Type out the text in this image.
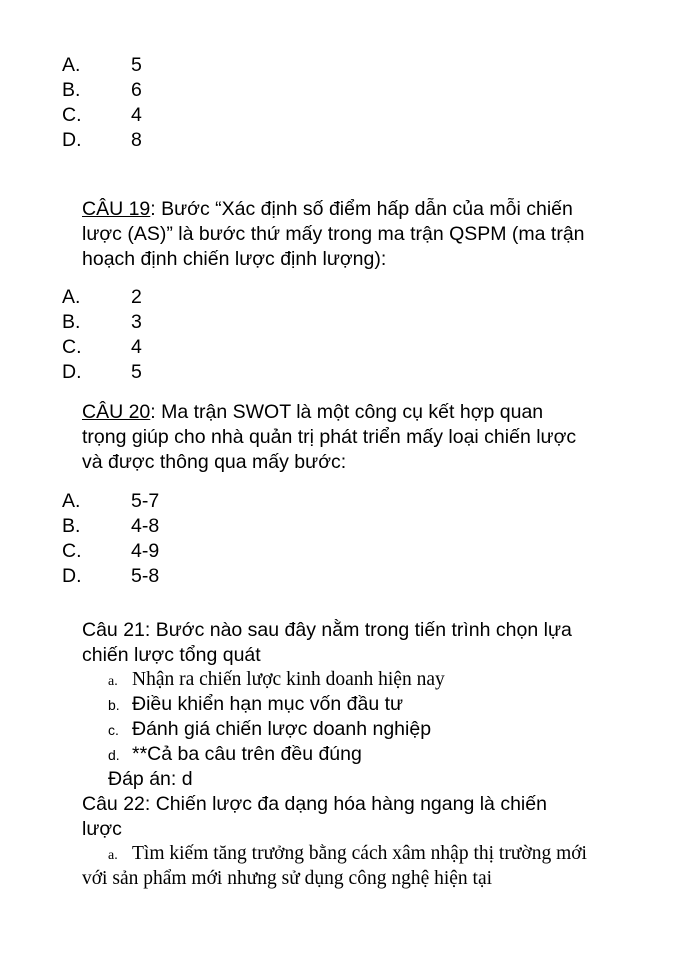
A.	5
B.	6
C.	4
D.	8
CÂU 19: Bước “Xác định số điểm hấp dẫn của mỗi chiến
lược (AS)” là bước thứ mấy trong ma trận QSPM (ma trận
hoạch định chiến lược định lượng):
A.	2
B.	3
C.	4
D.	5
CÂU 20: Ma trận SWOT là một công cụ kết hợp quan
trọng giúp cho nhà quản trị phát triển mấy loại chiến lược
và được thông qua mấy bước:
A.	5-7
B.	4-8
C.	4-9
D.	5-8
Câu 21: Bước nào sau đây nằm trong tiến trình chọn lựa
chiến lược tổng quát
a. Nhận ra chiến lược kinh doanh hiện nay
b. Điều khiển hạn mục vốn đầu tư
c. Đánh giá chiến lược doanh nghiệp
d. **Cả ba câu trên đều đúng
Đáp án: d
Câu 22: Chiến lược đa dạng hóa hàng ngang là chiến
lược
a. Tìm kiếm tăng trưởng bằng cách xâm nhập thị trường mới
với sản phẩm mới nhưng sử dụng công nghệ hiện tại
